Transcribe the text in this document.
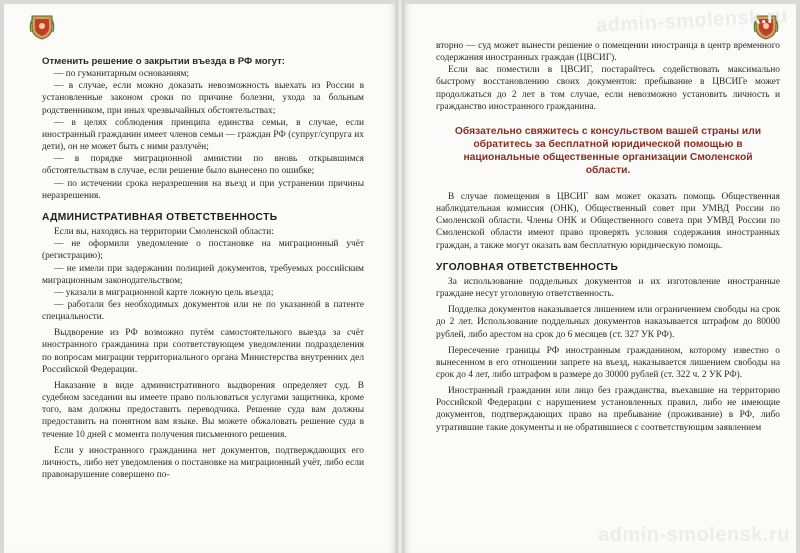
Отменить решение о закрытии въезда в РФ могут:

— по гуманитарным основаниям;

— в случае, если можно доказать невозможность выехать из России в установленные законом сроки по причине болезни, ухода за больным родственником, при иных чрезвычайных обстоятельствах;

— в целях соблюдения принципа единства семьи, в случае, если иностранный гражданин имеет членов семьи — граждан РФ (супруг/супруга их дети), он не может быть с ними разлучён;

— в порядке миграционной амнистии по вновь открывшимся обстоятельствам в случае, если решение было вынесено по ошибке;

— по истечении срока неразрешения на въезд и при устранении причины неразрешения.

АДМИНИСТРАТИВНАЯ ОТВЕТСТВЕННОСТЬ

Если вы, находясь на территории Смоленской области:

— не оформили уведомление о постановке на миграционный учёт (регистрацию);

— не имели при задержании полицией документов, требуемых российским миграционным законодательством;

— указали в миграционной карте ложную цель въезда;

— работали без необходимых документов или не по указанной в патенте специальности.

Выдворение из РФ возможно путём самостоятельного выезда за счёт иностранного гражданина при соответствующем уведомлении подразделения по вопросам миграции территориального органа Министерства внутренних дел Российской Федерации.

Наказание в виде административного выдворения определяет суд. В судебном заседании вы имеете право пользоваться услугами защитника, кроме того, вам должны предоставить переводчика. Решение суда вам должны предоставить на понятном вам языке. Вы можете обжаловать решение суда в течение 10 дней с момента получения письменного решения.

Если у иностранного гражданина нет документов, подтверждающих его личность, либо нет уведомления о постановке на миграционный учёт, либо если правонарушение совершено по-

admin-smolensk.ru

вторно — суд может вынести решение о помещении иностранца в центр временного содержания иностранных граждан (ЦВСИГ).

Если вас поместили в ЦВСИГ, постарайтесь содействовать максимально быстрому восстановлению своих документов: пребывание в ЦВСИГе может продолжаться до 2 лет в том случае, если невозможно установить личность и гражданство иностранного гражданина.

Обязательно свяжитесь с консульством вашей страны или обратитесь за бесплатной юридической помощью в национальные общественные организации Смоленской области.

В случае помещения в ЦВСИГ вам может оказать помощь Общественная наблюдательная комиссия (ОНК), Общественный совет при УМВД России по Смоленской области. Члены ОНК и Общественного совета при УМВД России по Смоленской области имеют право проверять условия содержания иностранных граждан, а также могут оказать вам бесплатную юридическую помощь.

УГОЛОВНАЯ ОТВЕТСТВЕННОСТЬ

За использование поддельных документов и их изготовление иностранные граждане несут уголовную ответственность.

Подделка документов наказывается лишением или ограничением свободы на срок до 2 лет. Использование поддельных документов наказывается штрафом до 80000 рублей, либо арестом на срок до 6 месяцев (ст. 327 УК РФ).

Пересечение границы РФ иностранным гражданином, которому известно о вынесенном в его отношении запрете на въезд, наказывается лишением свободы на срок до 4 лет, либо штрафом в размере до 30000 рублей (ст. 322 ч. 2 УК РФ).

Иностранный гражданин или лицо без гражданства, въехавшие на территорию Российской Федерации с нарушением установленных правил, либо не имеющие документов, подтверждающих право на пребывание (проживание) в РФ, либо утратившие такие документы и не обратившиеся с соответствующим заявлением

admin-smolensk.ru
